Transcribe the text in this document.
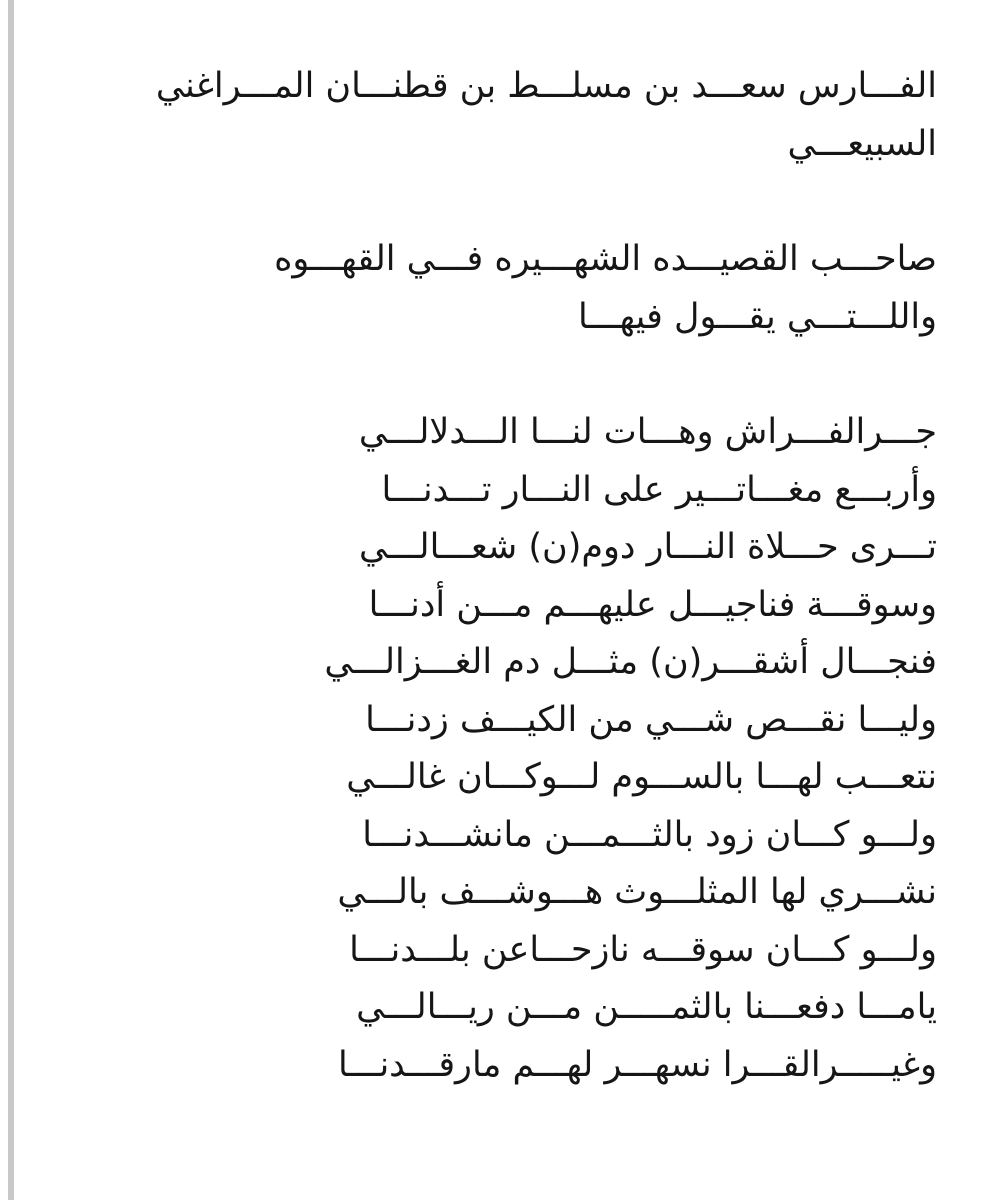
الفـــارس سعـــد بن مسلـــط بن قطنـــان المـــراغني
السبيعـــي
صاحـــب القصيـــده الشهـــيره فـــي القهـــوه
واللـــتـــي يقـــول فيهـــا
جـــرالفـــراش وهـــات لنـــا الـــدلالـــي
وأربـــع مغـــاتـــير على النـــار تـــدنـــا
تـــرى حـــلاة النـــار دوم(ن) شعـــالـــي
وسوقـــة فناجيـــل عليهـــم مـــن أدنـــا
فنجـــال أشقـــر(ن) مثـــل دم الغـــزالـــي
وليـــا نقـــص شـــي من الكيـــف زدنـــا
نتعـــب لهـــا بالســـوم لـــوكـــان غالـــي
ولـــو كـــان زود بالثـــمـــن مانشـــدنـــا
نشـــري لها المثلـــوث هـــوشـــف بالـــي
ولـــو كـــان سوقـــه نازحـــاعن بلـــدنـــا
يامـــا دفعـــنا بالثمـــــن مـــن ريـــالـــي
وغيـــــرالقـــرا نسهـــر لهـــم مارقـــدنـــا
